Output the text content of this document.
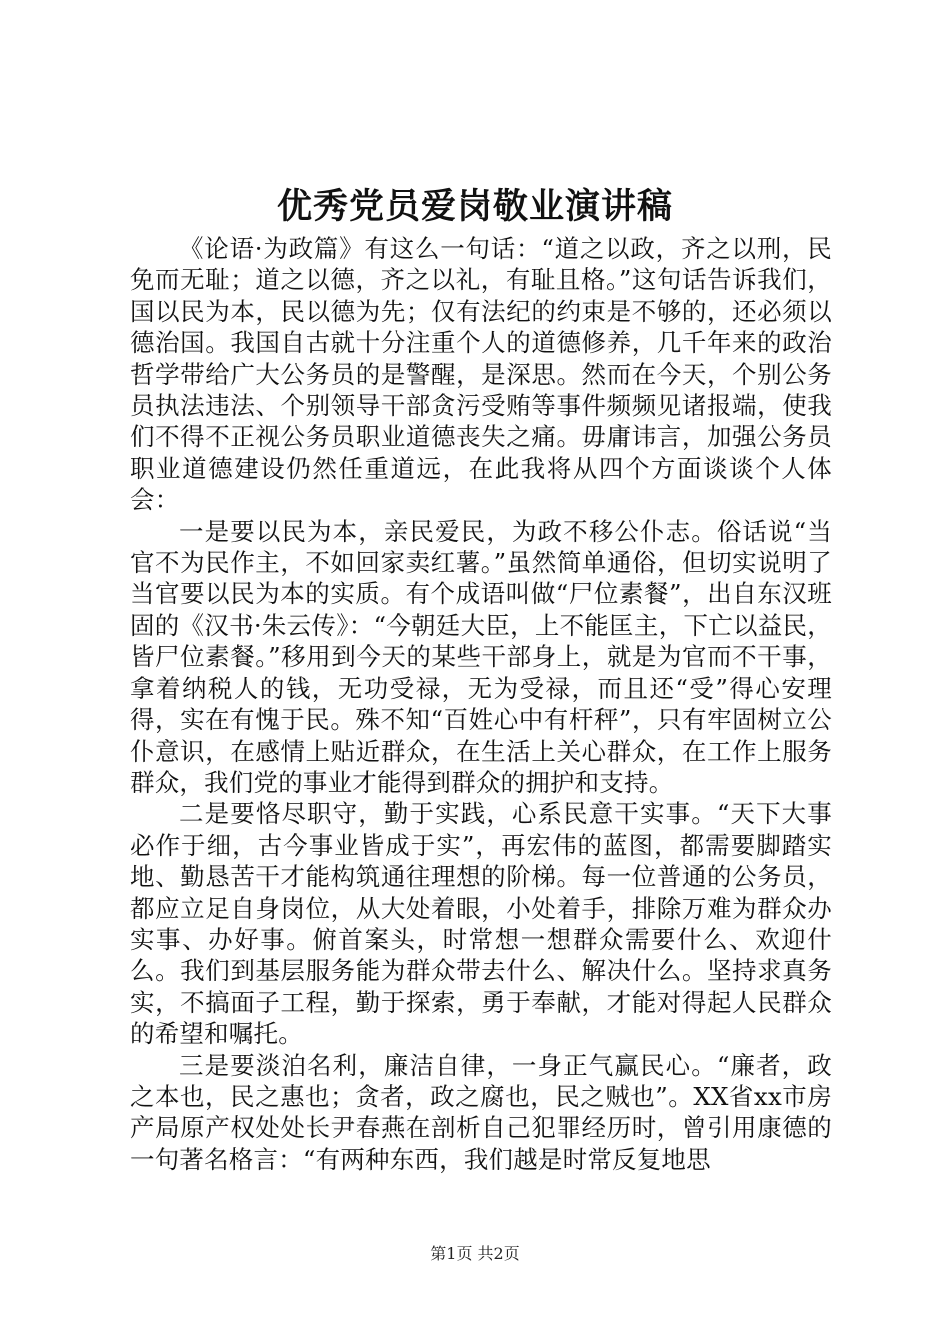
优秀党员爱岗敬业演讲稿

《论语·为政篇》有这么一句话：“道之以政，齐之以刑，民免而无耻；道之以德，齐之以礼，有耻且格。”这句话告诉我们，国以民为本，民以德为先；仅有法纪的约束是不够的，还必须以德治国。我国自古就十分注重个人的道德修养，几千年来的政治哲学带给广大公务员的是警醒，是深思。然而在今天，个别公务员执法违法、个别领导干部贪污受贿等事件频频见诸报端，使我们不得不正视公务员职业道德丧失之痛。毋庸讳言，加强公务员职业道德建设仍然任重道远，在此我将从四个方面谈谈个人体会：

一是要以民为本，亲民爱民，为政不移公仆志。俗话说“当官不为民作主，不如回家卖红薯。”虽然简单通俗，但切实说明了当官要以民为本的实质。有个成语叫做“尸位素餐”，出自东汉班固的《汉书·朱云传》：“今朝廷大臣，上不能匡主，下亡以益民，皆尸位素餐。”移用到今天的某些干部身上，就是为官而不干事，拿着纳税人的钱，无功受禄，无为受禄，而且还“受”得心安理得，实在有愧于民。殊不知“百姓心中有杆秤”，只有牢固树立公仆意识，在感情上贴近群众，在生活上关心群众，在工作上服务群众，我们党的事业才能得到群众的拥护和支持。

二是要恪尽职守，勤于实践，心系民意干实事。“天下大事必作于细，古今事业皆成于实”，再宏伟的蓝图，都需要脚踏实地、勤恳苦干才能构筑通往理想的阶梯。每一位普通的公务员，都应立足自身岗位，从大处着眼，小处着手，排除万难为群众办实事、办好事。俯首案头，时常想一想群众需要什么、欢迎什么。我们到基层服务能为群众带去什么、解决什么。坚持求真务实，不搞面子工程，勤于探索，勇于奉献，才能对得起人民群众的希望和嘱托。

三是要淡泊名利，廉洁自律，一身正气赢民心。“廉者，政之本也，民之惠也；贪者，政之腐也，民之贼也”。XX省xx市房产局原产权处处长尹春燕在剖析自己犯罪经历时，曾引用康德的一句著名格言：“有两种东西，我们越是时常反复地思

第1页 共2页
